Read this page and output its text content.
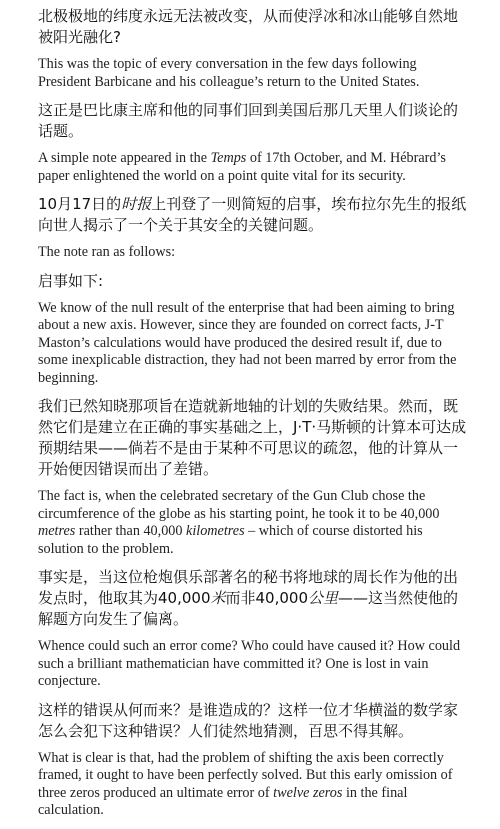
北极极地的纬度永远无法被改变，从而使浮冰和冰山能够自然地被阳光融化?

This was the topic of every conversation in the few days following President Barbicane and his colleague’s return to the United States.

这正是巴比康主席和他的同事们回到美国后那几天里人们谈论的话题。

A simple note appeared in the Temps of 17th October, and M. Hébrard’s paper enlightened the world on a point quite vital for its security.

10月17日的时报上刊登了一则简短的启事，埃布拉尔先生的报纸向世人揭示了一个关于其安全的关键问题。

The note ran as follows:

启事如下:

We know of the null result of the enterprise that had been aiming to bring about a new axis. However, since they are founded on correct facts, J-T Maston’s calculations would have produced the desired result if, due to some inexplicable distraction, they had not been marred by error from the beginning.

我们已然知晓那项旨在造就新地轴的计划的失败结果。然而，既然它们是建立在正确的事实基础之上，J·T·马斯顿的计算本可达成预期结果——倘若不是由于某种不可思议的疏忽，他的计算从一开始便因错误而出了差错。

The fact is, when the celebrated secretary of the Gun Club chose the circumference of the globe as his starting point, he took it to be 40,000 metres rather than 40,000 kilometres – which of course distorted his solution to the problem.

事实是，当这位枪炮俱乐部著名的秘书将地球的周长作为他的出发点时，他取其为40,000米而非40,000公里——这当然使他的解题方向发生了偏离。

Whence could such an error come? Who could have caused it? How could such a brilliant mathematician have committed it? One is lost in vain conjecture.

这样的错误从何而来？是谁造成的？这样一位才华横溢的数学家怎么会犯下这种错误？人们徒然地猜测，百思不得其解。

What is clear is that, had the problem of shifting the axis been correctly framed, it ought to have been perfectly solved. But this early omission of three zeros produced an ultimate error of twelve zeros in the final calculation.
